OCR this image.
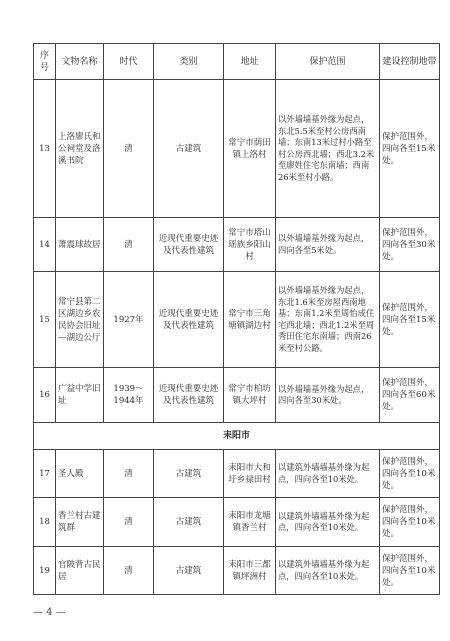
序号	文物名称	时代	类别	地址	保护范围	建设控制地带
13	上洛廖氏和公祠堂及洛溪书院	清	古建筑	常宁市荫田镇上洛村	以外墙墙基外缘为起点，东北5.5米至村公房西南墙；东南13米过村小路至村公房西北墙；西北3.2米至廖姓住宅东南墙；西南26米至村小路。	保护范围外，四向各至15米处。
14	萧震球故居	清	近现代重要史迹及代表性建筑	常宁市塔山瑶族乡阳山村	以外墙墙基外缘为起点，四向各至5米处。	保护范围外，四向各至30米处。
15	常宁县第二区湖边乡农民协会旧址—湖边公厅	1927年	近现代重要史迹及代表性建筑	常宁市三角塘镇湖边村	以外墙墙基外缘为起点，东北1.6米至房屋西南地基；东南1.2米至周怡成住宅西北墙；西北1.2米至周秀田住宅东南墙；西南26米至村公路。	保护范围外，四向各至15米处。
16	广益中学旧址	1939～1944年	近现代重要史迹及代表性建筑	常宁市柏坊镇大坪村	以外墙墙基外缘为起点，四向各至30米处。	保护范围外，四向各至60米处。
耒阳市						
17	圣人殿	清	古建筑	耒阳市大和圩乡禄田村	以建筑外墙墙基外缘为起点，四向各至10米处。	保护范围外，四向各至10米处。
18	香兰村古建筑群	清	古建筑	耒阳市龙塘镇香兰村	以建筑外墙墙基外缘为起点，四向各至10米处。	保护范围外，四向各至10米处。
19	官陂背古民居	清	古建筑	耒阳市三都镇坪洲村	以建筑外墙墙基外缘为起点，四向各至10米处。	保护范围外，四向各至10米处。
— 4 —
